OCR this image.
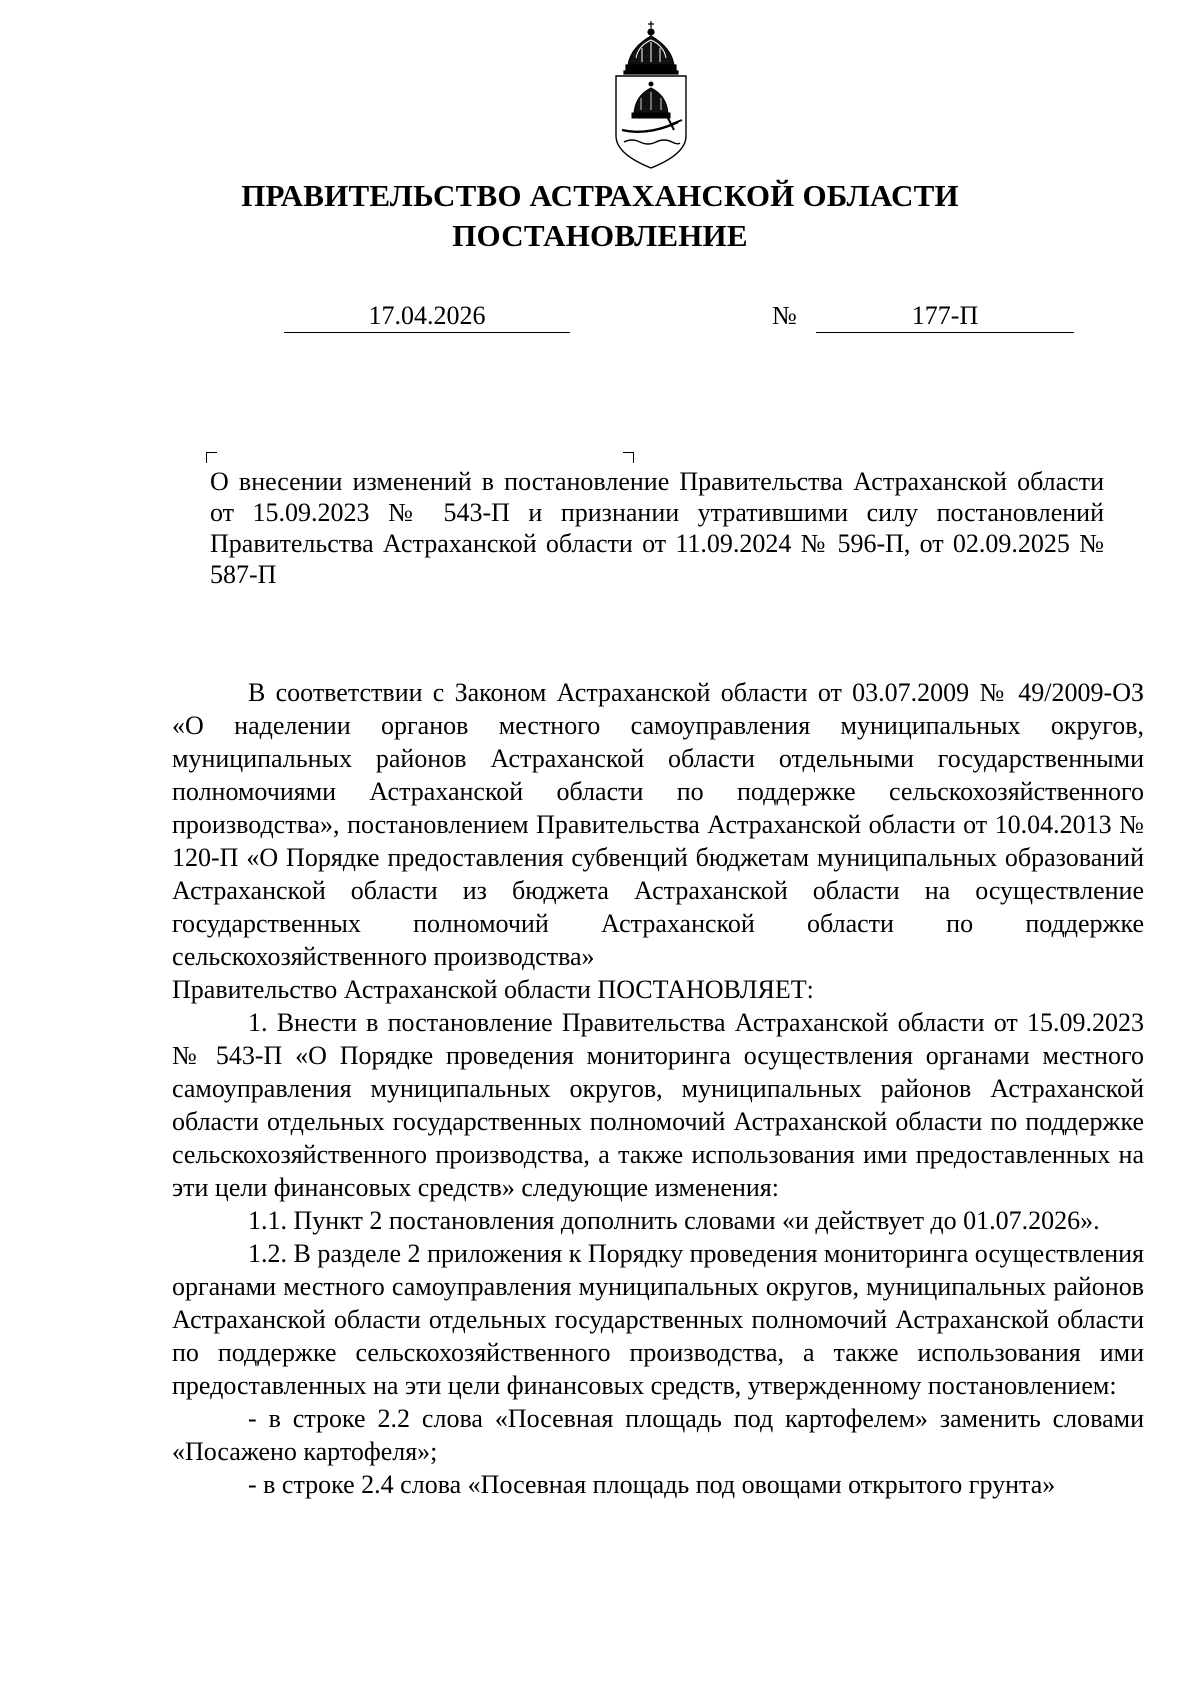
ПРАВИТЕЛЬСТВО АСТРАХАНСКОЙ ОБЛАСТИ
ПОСТАНОВЛЕНИЕ
17.04.2026	№	177-П

О внесении изменений в постановление Правительства Астраханской области от 15.09.2023 № 543-П и признании утратившими силу постановлений Правительства Астраханской области от 11.09.2024 № 596-П, от 02.09.2025 № 587-П

В соответствии с Законом Астраханской области от 03.07.2009 № 49/2009-ОЗ «О наделении органов местного самоуправления муниципальных округов, муниципальных районов Астраханской области отдельными государственными полномочиями Астраханской области по поддержке сельскохозяйственного производства», постановлением Правительства Астраханской области от 10.04.2013 № 120-П «О Порядке предоставления субвенций бюджетам муниципальных образований Астраханской области из бюджета Астраханской области на осуществление государственных полномочий Астраханской области по поддержке сельскохозяйственного производства»

Правительство Астраханской области ПОСТАНОВЛЯЕТ:

1. Внести в постановление Правительства Астраханской области от 15.09.2023 № 543-П «О Порядке проведения мониторинга осуществления органами местного самоуправления муниципальных округов, муниципальных районов Астраханской области отдельных государственных полномочий Астраханской области по поддержке сельскохозяйственного производства, а также использования ими предоставленных на эти цели финансовых средств» следующие изменения:

1.1. Пункт 2 постановления дополнить словами «и действует до 01.07.2026».

1.2. В разделе 2 приложения к Порядку проведения мониторинга осуществления органами местного самоуправления муниципальных округов, муниципальных районов Астраханской области отдельных государственных полномочий Астраханской области по поддержке сельскохозяйственного производства, а также использования ими предоставленных на эти цели финансовых средств, утвержденному постановлением:

- в строке 2.2 слова «Посевная площадь под картофелем» заменить словами «Посажено картофеля»;

- в строке 2.4 слова «Посевная площадь под овощами открытого грунта»
